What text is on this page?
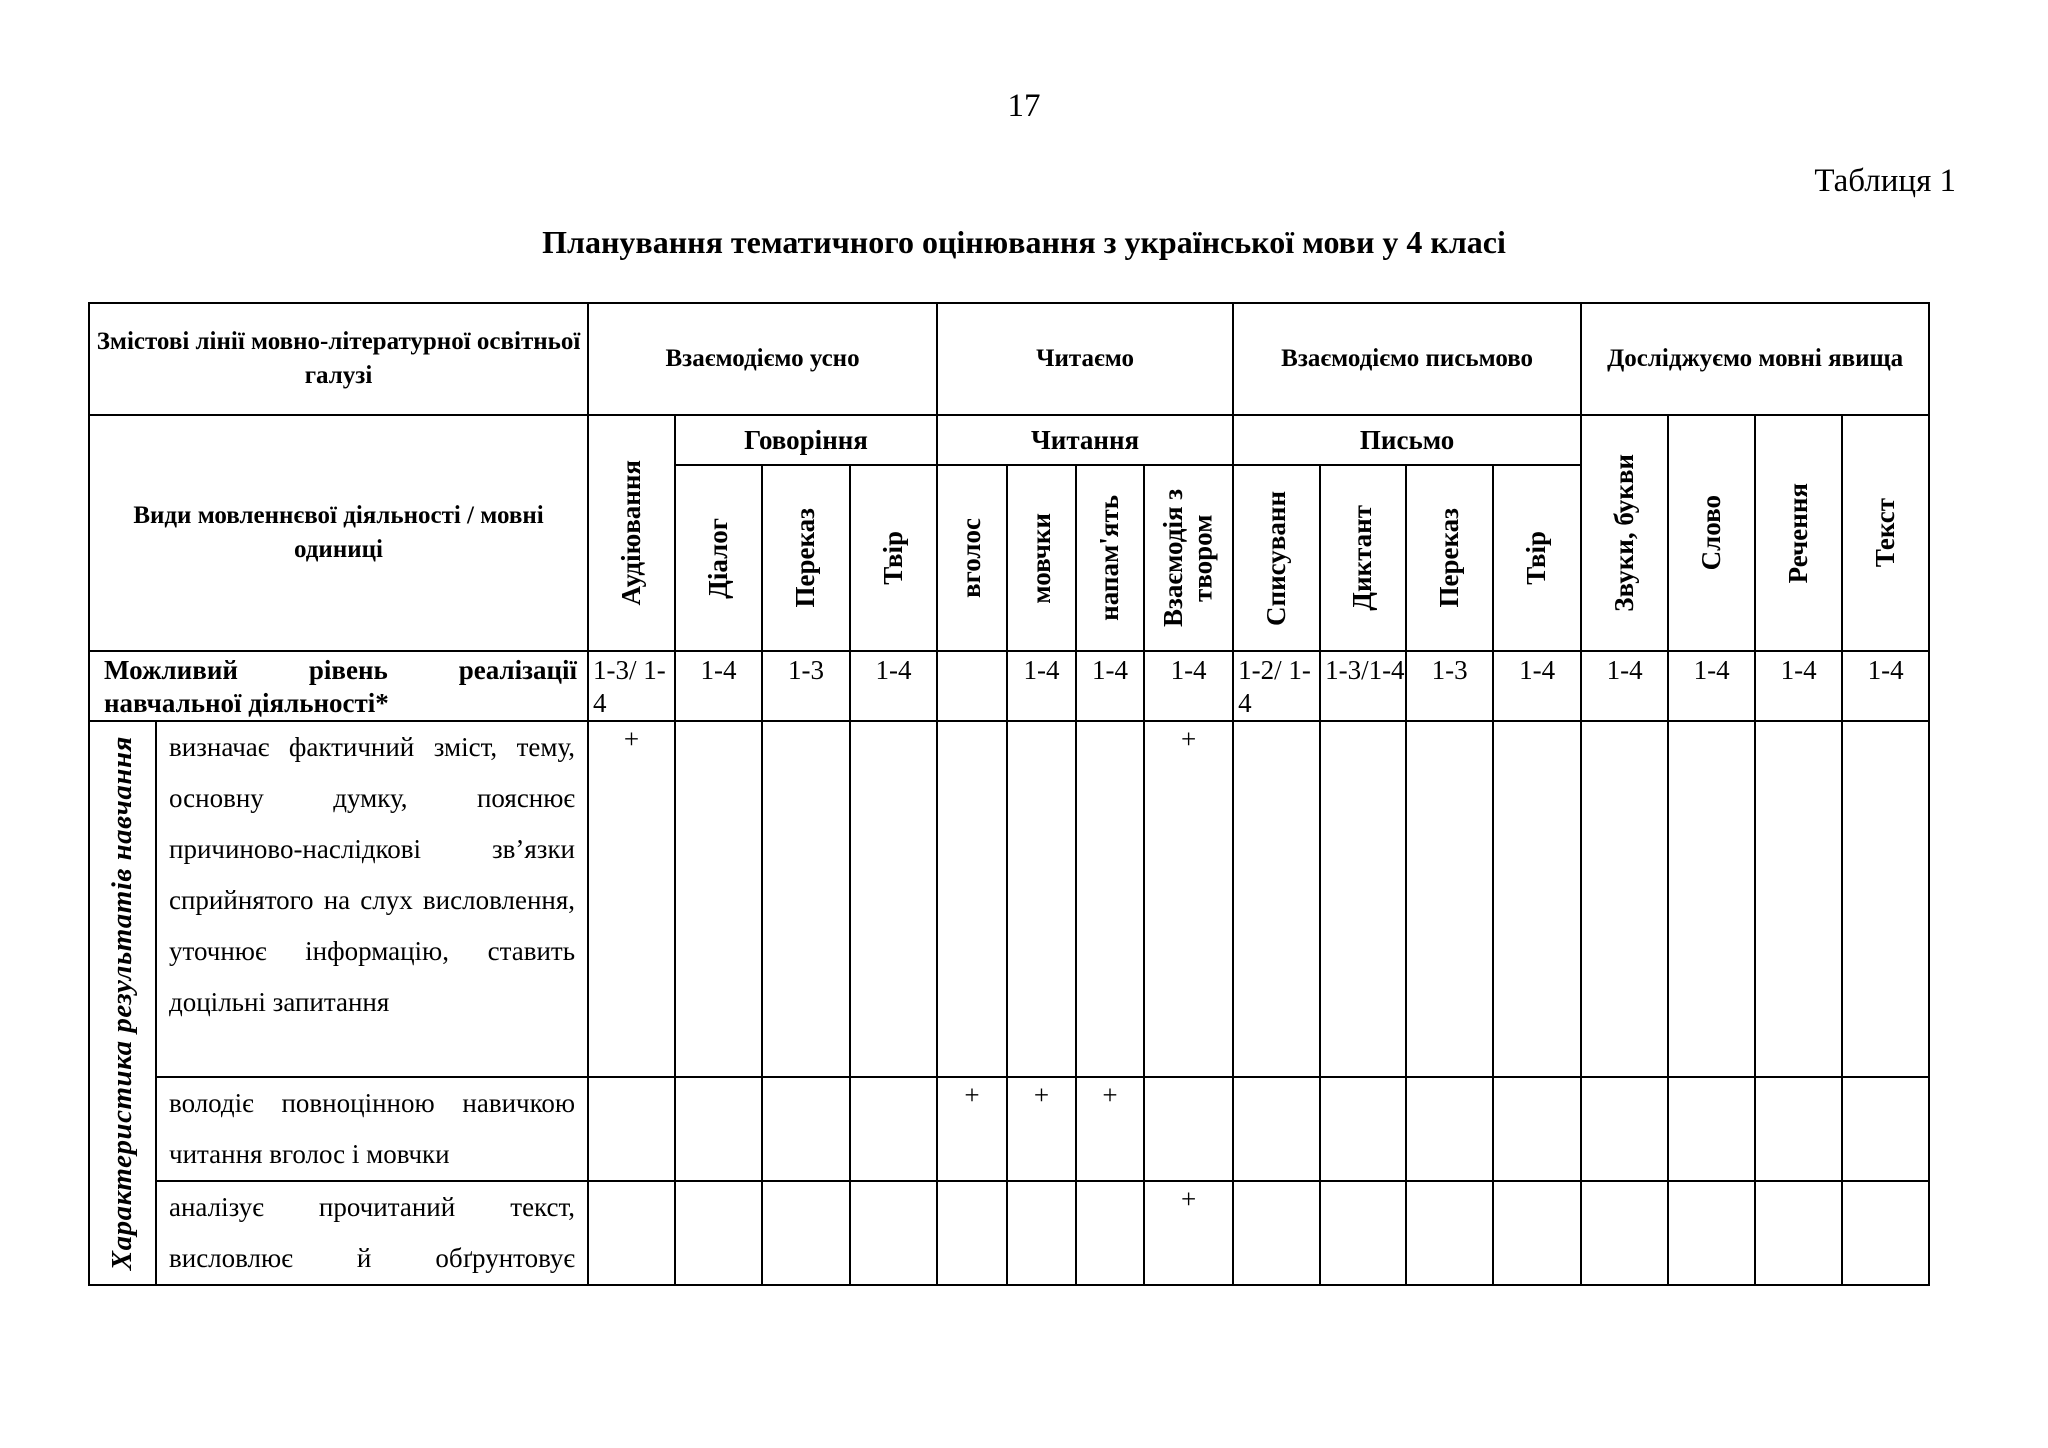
17
Таблиця 1
Планування тематичного оцінювання з української мови у 4 класі
Змістові лінії мовно-літературної освітньої галузі		Взаємодіємо усно				Читаємо				Взаємодіємо письмово				Досліджуємо мовні явища			
Види мовленнєвої діяльності / мовні одиниці		Аудіювання	Говоріння			Читання				Письмо				Звуки, букви	Слово	Речення	Текст

			Діалог	Переказ	Твір	вголос	мовчки	напам'ять	Взаємодія з твором	Списуванн	Диктант	Переказ	Твір				

Можливий рівень реалізації навчальної діяльності*		1-3/ 1-4	1-4	1-3	1-4		1-4	1-4	1-4	1-2/ 1-4	1-3/1-4	1-3	1-4	1-4	1-4	1-4	1-4

Характеристика результатів навчання	визначає фактичний зміст, тему, основну думку, пояснює причиново-наслідкові зв’язки сприйнятого на слух висловлення, уточнює інформацію, ставить доцільні запитання	+							+								
	володіє повноцінною навичкою читання вголос і мовчки					+	+	+									
	аналізує прочитаний текст, висловлює й обґрунтовує								+								
